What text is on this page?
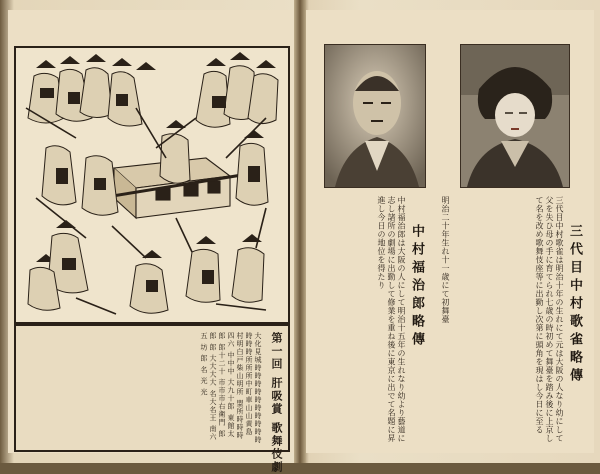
第一回 肝吸賞 歌舞伎劇
大化見城時時時時時時時時時時時時時所所所中町車山山黄島 村明白戸柴山明所 盟所時時時四六 中中中 大九十郎 東館太郎 郎十二十 市市市右衛門 郎 郎 郎 大大大大 名大名王 南六五 坊 郎 名 光 光	三代目中村歌雀略傳
三代目中村歌雀は明治十年の生れにて元は大阪の人なり幼にして父を失ひ母の手に育てられ七歳の時初めて舞臺を踏み後に上京して名を改め歌舞伎座等に出勤し次第に頭角を現はし今日に至る
明治二十年生れ十一歳にて初舞臺
中村福治郎略傳
中村福治郎は大阪の人にして明治十五年の生れなり幼より藝道に志し諸所の劇場に出勤して修業を重ね後に東京に出でて名題に昇進し今日の地位を得たり
